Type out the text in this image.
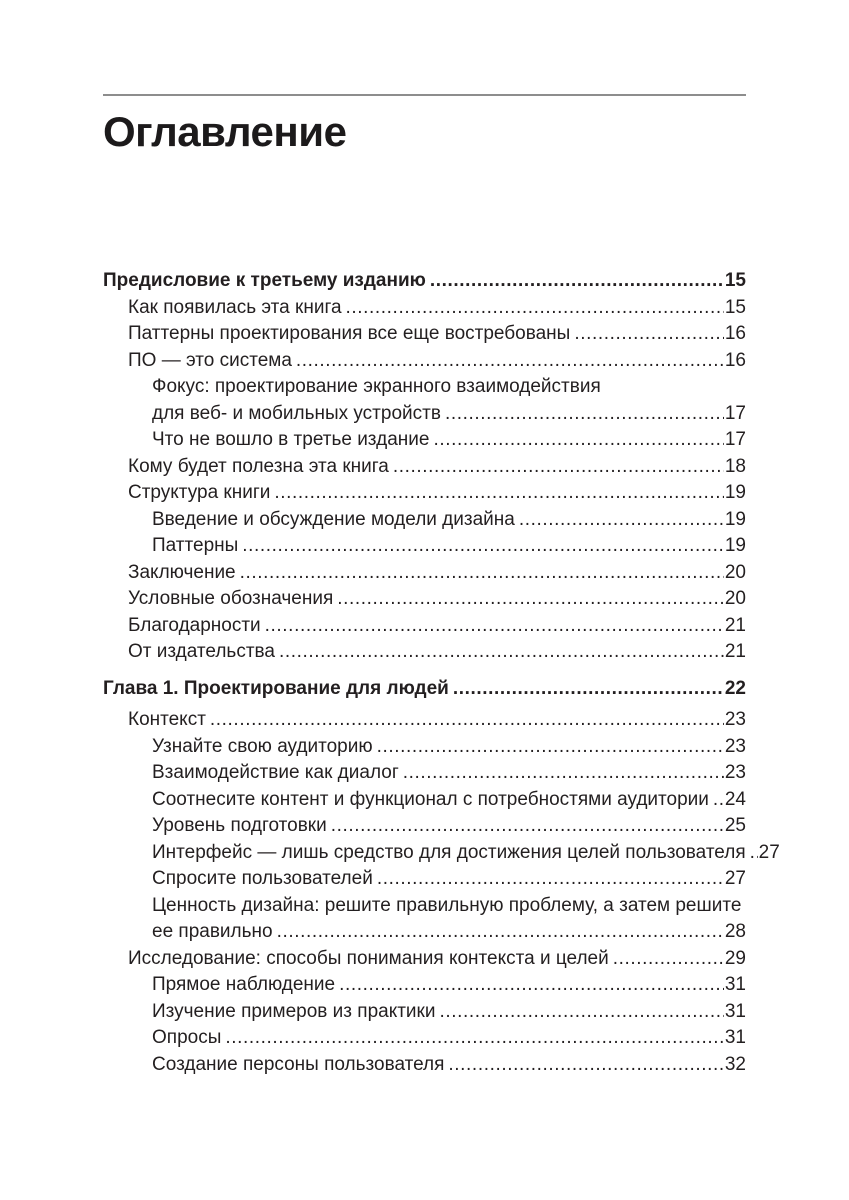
Оглавление
Предисловие к третьему изданию .....	15
Как появилась эта книга .....	15
Паттерны проектирования все еще востребованы .....	16
ПО — это система .....	16
Фокус: проектирование экранного взаимодействия
для веб- и мобильных устройств .....	17
Что не вошло в третье издание .....	17
Кому будет полезна эта книга .....	18
Структура книги .....	19
Введение и обсуждение модели дизайна .....	19
Паттерны .....	19
Заключение .....	20
Условные обозначения .....	20
Благодарности .....	21
От издательства .....	21
Глава 1. Проектирование для людей .....	22
Контекст .....	23
Узнайте свою аудиторию .....	23
Взаимодействие как диалог .....	23
Соотнесите контент и функционал с потребностями аудитории ..... 24
Уровень подготовки .....	25
Интерфейс — лишь средство для достижения целей пользователя ..... 27
Спросите пользователей .....	27
Ценность дизайна: решите правильную проблему, а затем решите
ее правильно .....	28
Исследование: способы понимания контекста и целей .....	29
Прямое наблюдение .....	31
Изучение примеров из практики .....	31
Опросы .....	31
Создание персоны пользователя .....	32
